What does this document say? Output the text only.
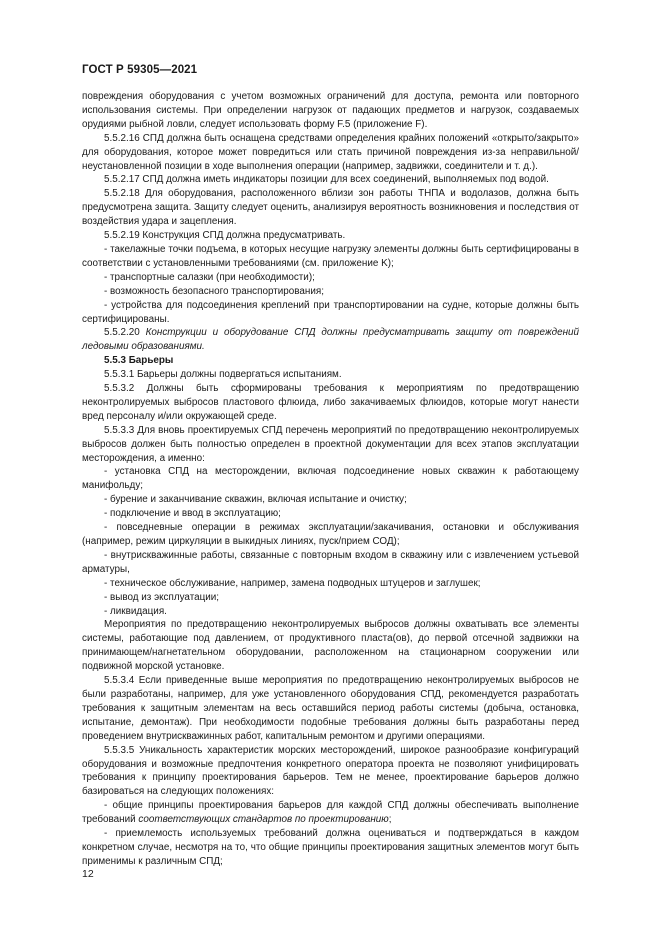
ГОСТ Р 59305—2021

повреждения оборудования с учетом возможных ограничений для доступа, ремонта или повторного использования системы. При определении нагрузок от падающих предметов и нагрузок, создаваемых орудиями рыбной ловли, следует использовать форму F.5 (приложение F).

5.5.2.16 СПД должна быть оснащена средствами определения крайних положений «открыто/закрыто» для оборудования, которое может повредиться или стать причиной повреждения из-за неправильной/неустановленной позиции в ходе выполнения операции (например, задвижки, соединители и т. д.).

5.5.2.17 СПД должна иметь индикаторы позиции для всех соединений, выполняемых под водой.

5.5.2.18 Для оборудования, расположенного вблизи зон работы ТНПА и водолазов, должна быть предусмотрена защита. Защиту следует оценить, анализируя вероятность возникновения и последствия от воздействия удара и зацепления.

5.5.2.19 Конструкция СПД должна предусматривать.

- такелажные точки подъема, в которых несущие нагрузку элементы должны быть сертифицированы в соответствии с установленными требованиями (см. приложение K);

- транспортные салазки (при необходимости);

- возможность безопасного транспортирования;

- устройства для подсоединения креплений при транспортировании на судне, которые должны быть сертифицированы.

5.5.2.20 Конструкции и оборудование СПД должны предусматривать защиту от повреждений ледовыми образованиями.

5.5.3 Барьеры

5.5.3.1 Барьеры должны подвергаться испытаниям.

5.5.3.2 Должны быть сформированы требования к мероприятиям по предотвращению неконтролируемых выбросов пластового флюида, либо закачиваемых флюидов, которые могут нанести вред персоналу и/или окружающей среде.

5.5.3.3 Для вновь проектируемых СПД перечень мероприятий по предотвращению неконтролируемых выбросов должен быть полностью определен в проектной документации для всех этапов эксплуатации месторождения, а именно:

- установка СПД на месторождении, включая подсоединение новых скважин к работающему манифольду;

- бурение и заканчивание скважин, включая испытание и очистку;

- подключение и ввод в эксплуатацию;

- повседневные операции в режимах эксплуатации/закачивания, остановки и обслуживания (например, режим циркуляции в выкидных линиях, пуск/прием СОД);

- внутрискважинные работы, связанные с повторным входом в скважину или с извлечением устьевой арматуры,

- техническое обслуживание, например, замена подводных штуцеров и заглушек;

- вывод из эксплуатации;

- ликвидация.

Мероприятия по предотвращению неконтролируемых выбросов должны охватывать все элементы системы, работающие под давлением, от продуктивного пласта(ов), до первой отсечной задвижки на принимающем/нагнетательном оборудовании, расположенном на стационарном сооружении или подвижной морской установке.

5.5.3.4 Если приведенные выше мероприятия по предотвращению неконтролируемых выбросов не были разработаны, например, для уже установленного оборудования СПД, рекомендуется разработать требования к защитным элементам на весь оставшийся период работы системы (добыча, остановка, испытание, демонтаж). При необходимости подобные требования должны быть разработаны перед проведением внутрискважинных работ, капитальным ремонтом и другими операциями.

5.5.3.5 Уникальность характеристик морских месторождений, широкое разнообразие конфигураций оборудования и возможные предпочтения конкретного оператора проекта не позволяют унифицировать требования к принципу проектирования барьеров. Тем не менее, проектирование барьеров должно базироваться на следующих положениях:

- общие принципы проектирования барьеров для каждой СПД должны обеспечивать выполнение требований соответствующих стандартов по проектированию;

- приемлемость используемых требований должна оцениваться и подтверждаться в каждом конкретном случае, несмотря на то, что общие принципы проектирования защитных элементов могут быть применимы к различным СПД;

12
